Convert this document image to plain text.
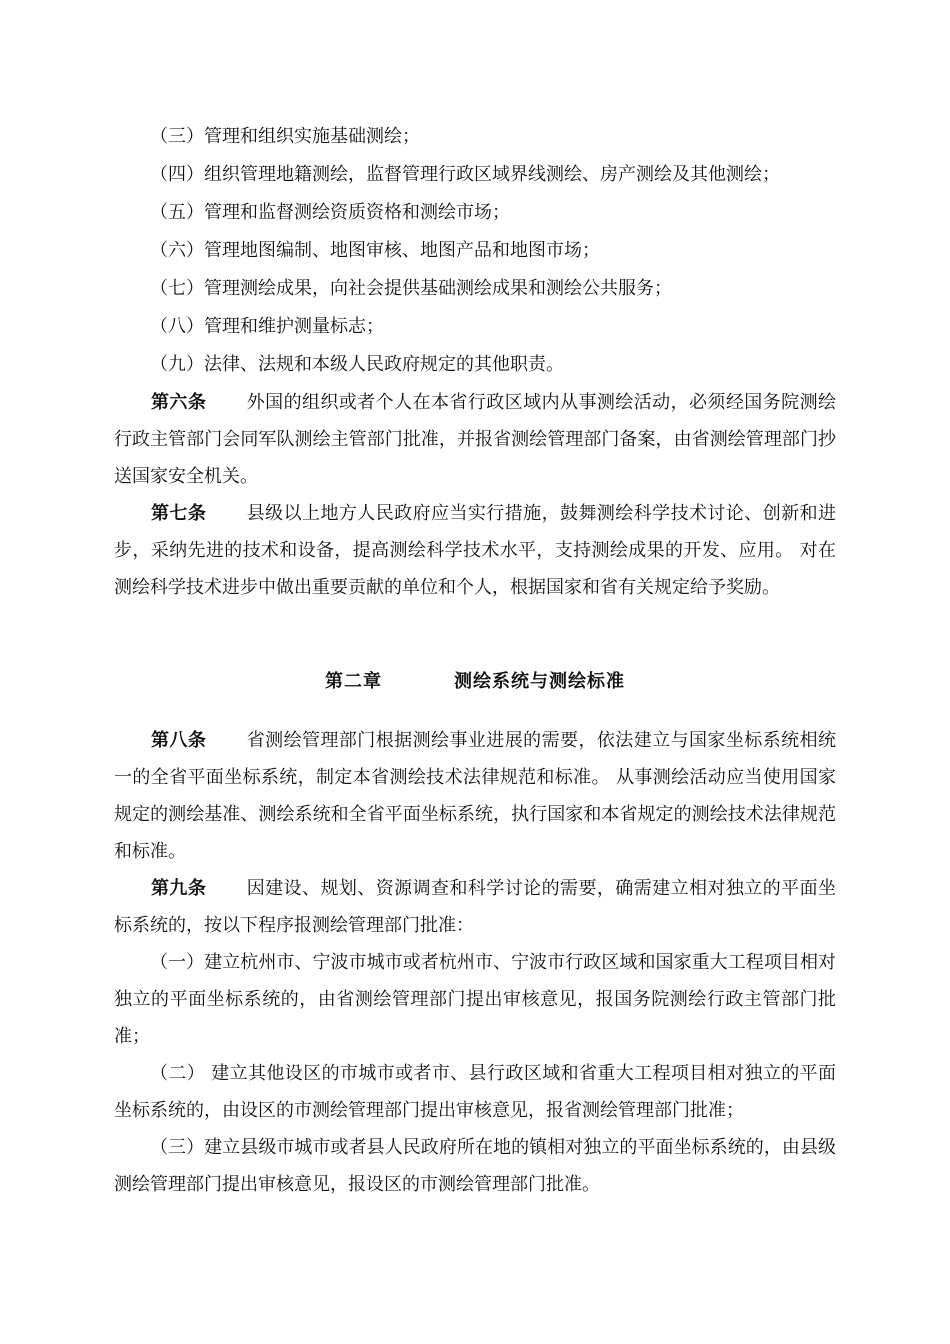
（三）管理和组织实施基础测绘；
（四）组织管理地籍测绘，监督管理行政区域界线测绘、房产测绘及其他测绘；
（五）管理和监督测绘资质资格和测绘市场；
（六）管理地图编制、地图审核、地图产品和地图市场；
（七）管理测绘成果，向社会提供基础测绘成果和测绘公共服务；
（八）管理和维护测量标志；
（九）法律、法规和本级人民政府规定的其他职责。
第六条 外国的组织或者个人在本省行政区域内从事测绘活动，必须经国务院测绘行政主管部门会同军队测绘主管部门批准，并报省测绘管理部门备案，由省测绘管理部门抄送国家安全机关。
第七条 县级以上地方人民政府应当实行措施，鼓舞测绘科学技术讨论、创新和进步，采纳先进的技术和设备，提高测绘科学技术水平，支持测绘成果的开发、应用。 对在测绘科学技术进步中做出重要贡献的单位和个人，根据国家和省有关规定给予奖励。
第二章	测绘系统与测绘标准
第八条 省测绘管理部门根据测绘事业进展的需要，依法建立与国家坐标系统相统一的全省平面坐标系统，制定本省测绘技术法律规范和标准。 从事测绘活动应当使用国家规定的测绘基准、测绘系统和全省平面坐标系统，执行国家和本省规定的测绘技术法律规范和标准。
第九条 因建设、规划、资源调查和科学讨论的需要，确需建立相对独立的平面坐标系统的，按以下程序报测绘管理部门批准：
（一）建立杭州市、宁波市城市或者杭州市、宁波市行政区域和国家重大工程项目相对独立的平面坐标系统的，由省测绘管理部门提出审核意见，报国务院测绘行政主管部门批准；
（二） 建立其他设区的市城市或者市、县行政区域和省重大工程项目相对独立的平面坐标系统的，由设区的市测绘管理部门提出审核意见，报省测绘管理部门批准；
（三）建立县级市城市或者县人民政府所在地的镇相对独立的平面坐标系统的，由县级测绘管理部门提出审核意见，报设区的市测绘管理部门批准。
